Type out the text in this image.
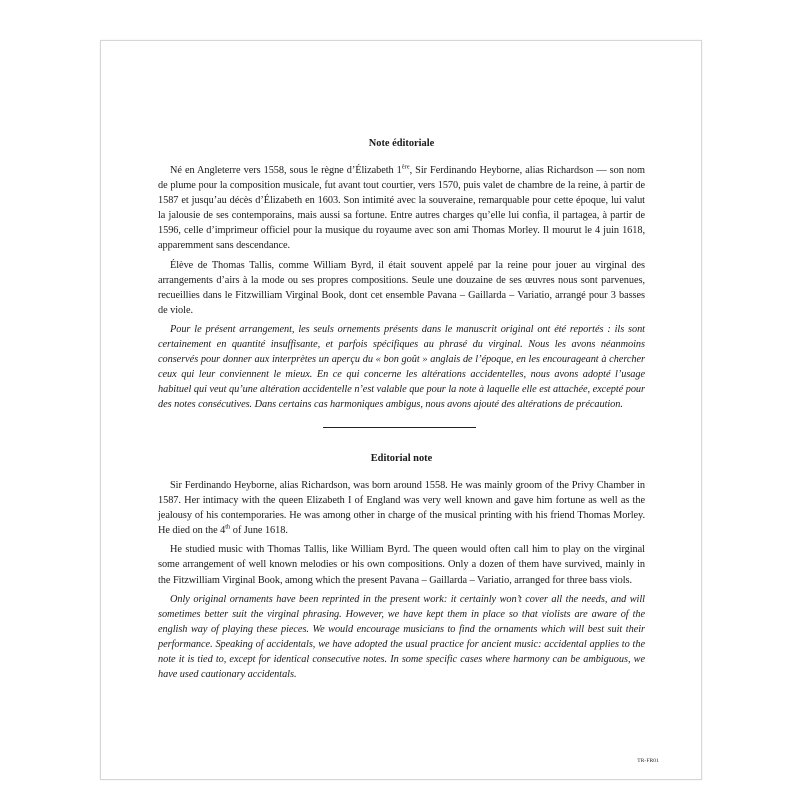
Note éditoriale

Né en Angleterre vers 1558, sous le règne d’Élizabeth 1ère, Sir Ferdinando Heyborne, alias Richardson — son nom de plume pour la composition musicale, fut avant tout courtier, vers 1570, puis valet de chambre de la reine, à partir de 1587 et jusqu’au décès d’Élizabeth en 1603. Son intimité avec la souveraine, remarquable pour cette époque, lui valut la jalousie de ses contemporains, mais aussi sa fortune. Entre autres charges qu’elle lui confia, il partagea, à partir de 1596, celle d’imprimeur officiel pour la musique du royaume avec son ami Thomas Morley. Il mourut le 4 juin 1618, apparemment sans descendance.

Élève de Thomas Tallis, comme William Byrd, il était souvent appelé par la reine pour jouer au virginal des arrangements d’airs à la mode ou ses propres compositions. Seule une douzaine de ses œuvres nous sont parvenues, recueillies dans le Fitzwilliam Virginal Book, dont cet ensemble Pavana – Gaillarda – Variatio, arrangé pour 3 basses de viole.

Pour le présent arrangement, les seuls ornements présents dans le manuscrit original ont été reportés : ils sont certainement en quantité insuffisante, et parfois spécifiques au phrasé du virginal. Nous les avons néanmoins conservés pour donner aux interprètes un aperçu du « bon goût » anglais de l’époque, en les encourageant à chercher ceux qui leur conviennent le mieux. En ce qui concerne les altérations accidentelles, nous avons adopté l’usage habituel qui veut qu’une altération accidentelle n’est valable que pour la note à laquelle elle est attachée, excepté pour des notes consécutives. Dans certains cas harmoniques ambigus, nous avons ajouté des altérations de précaution.

Editorial note

Sir Ferdinando Heyborne, alias Richardson, was born around 1558. He was mainly groom of the Privy Chamber in 1587. Her intimacy with the queen Elizabeth I of England was very well known and gave him fortune as well as the jealousy of his contemporaries. He was among other in charge of the musical printing with his friend Thomas Morley. He died on the 4th of June 1618.

He studied music with Thomas Tallis, like William Byrd. The queen would often call him to play on the virginal some arrangement of well known melodies or his own compositions. Only a dozen of them have survived, mainly in the Fitzwilliam Virginal Book, among which the present Pavana – Gaillarda – Variatio, arranged for three bass viols.

Only original ornaments have been reprinted in the present work: it certainly won’t cover all the needs, and will sometimes better suit the virginal phrasing. However, we have kept them in place so that violists are aware of the english way of playing these pieces. We would encourage musicians to find the ornaments which will best suit their performance. Speaking of accidentals, we have adopted the usual practice for ancient music: accidental applies to the note it is tied to, except for identical consecutive notes. In some specific cases where harmony can be ambiguous, we have used cautionary accidentals.

TR-FR01
